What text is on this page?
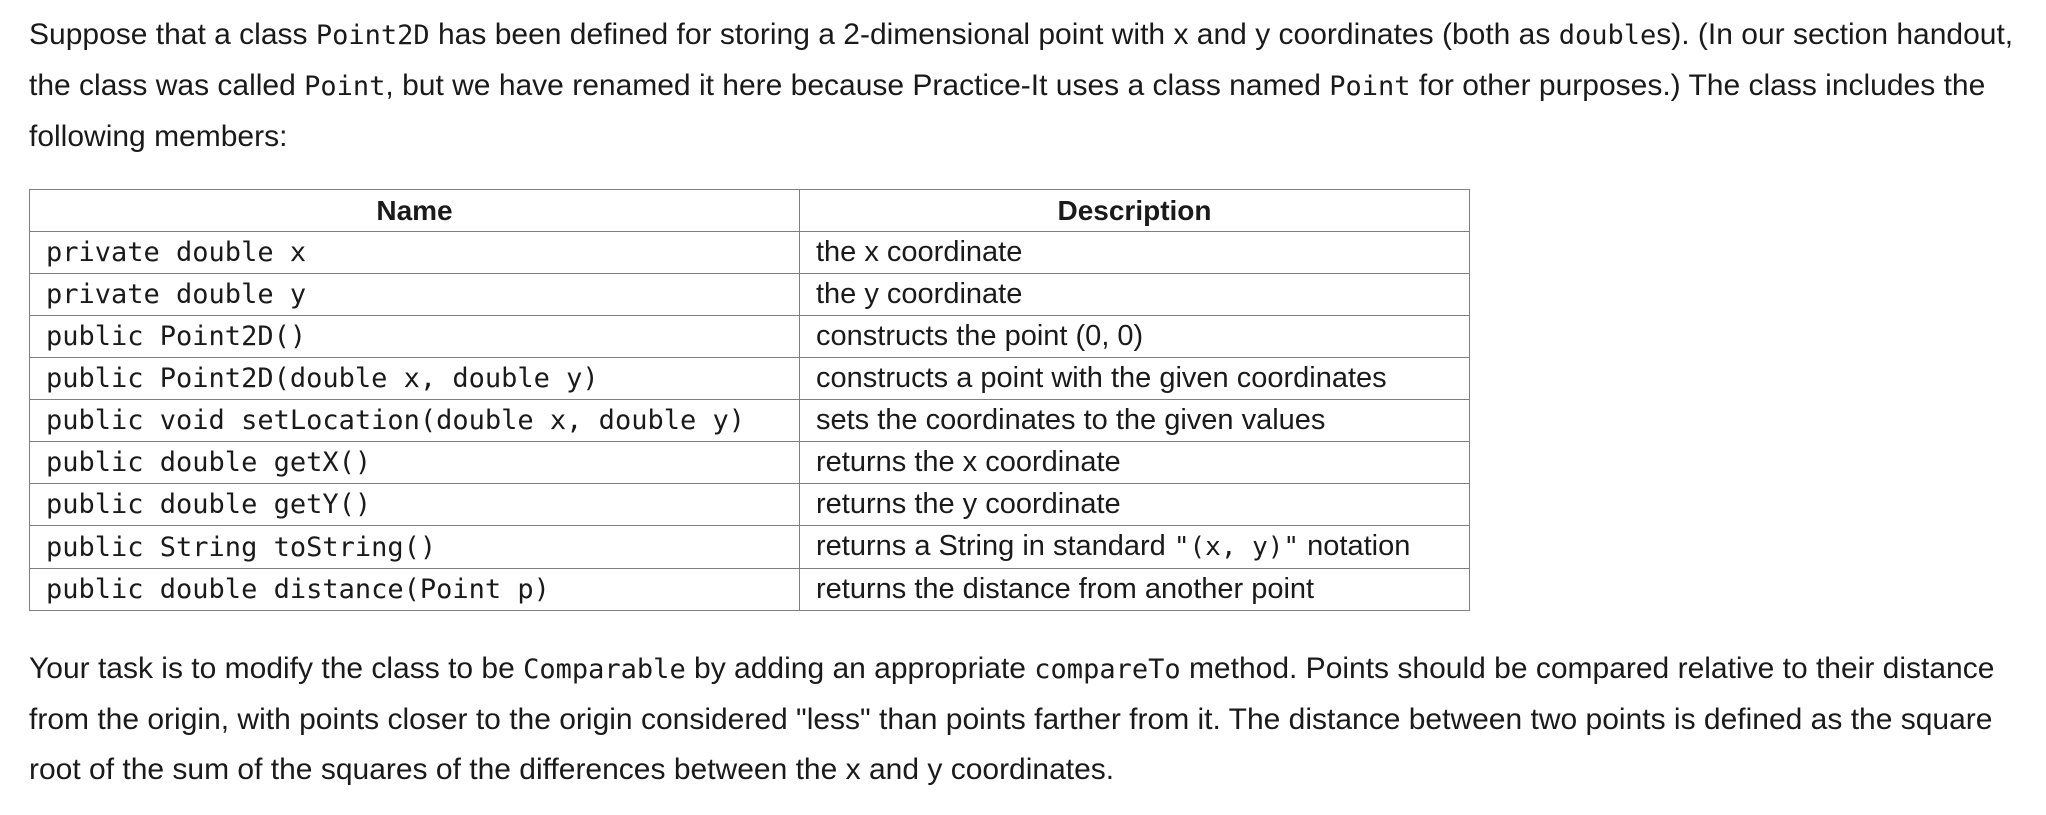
Suppose that a class Point2D has been defined for storing a 2-dimensional point with x and y coordinates (both as doubles). (In our section handout, the class was called Point, but we have renamed it here because Practice-It uses a class named Point for other purposes.) The class includes the following members:

Name	Description
private double x	the x coordinate
private double y	the y coordinate
public Point2D()	constructs the point (0, 0)
public Point2D(double x, double y)	constructs a point with the given coordinates
public void setLocation(double x, double y)	sets the coordinates to the given values
public double getX()	returns the x coordinate
public double getY()	returns the y coordinate
public String toString()	returns a String in standard "(x, y)" notation
public double distance(Point p)	returns the distance from another point

Your task is to modify the class to be Comparable by adding an appropriate compareTo method. Points should be compared relative to their distance from the origin, with points closer to the origin considered "less" than points farther from it. The distance between two points is defined as the square root of the sum of the squares of the differences between the x and y coordinates.
